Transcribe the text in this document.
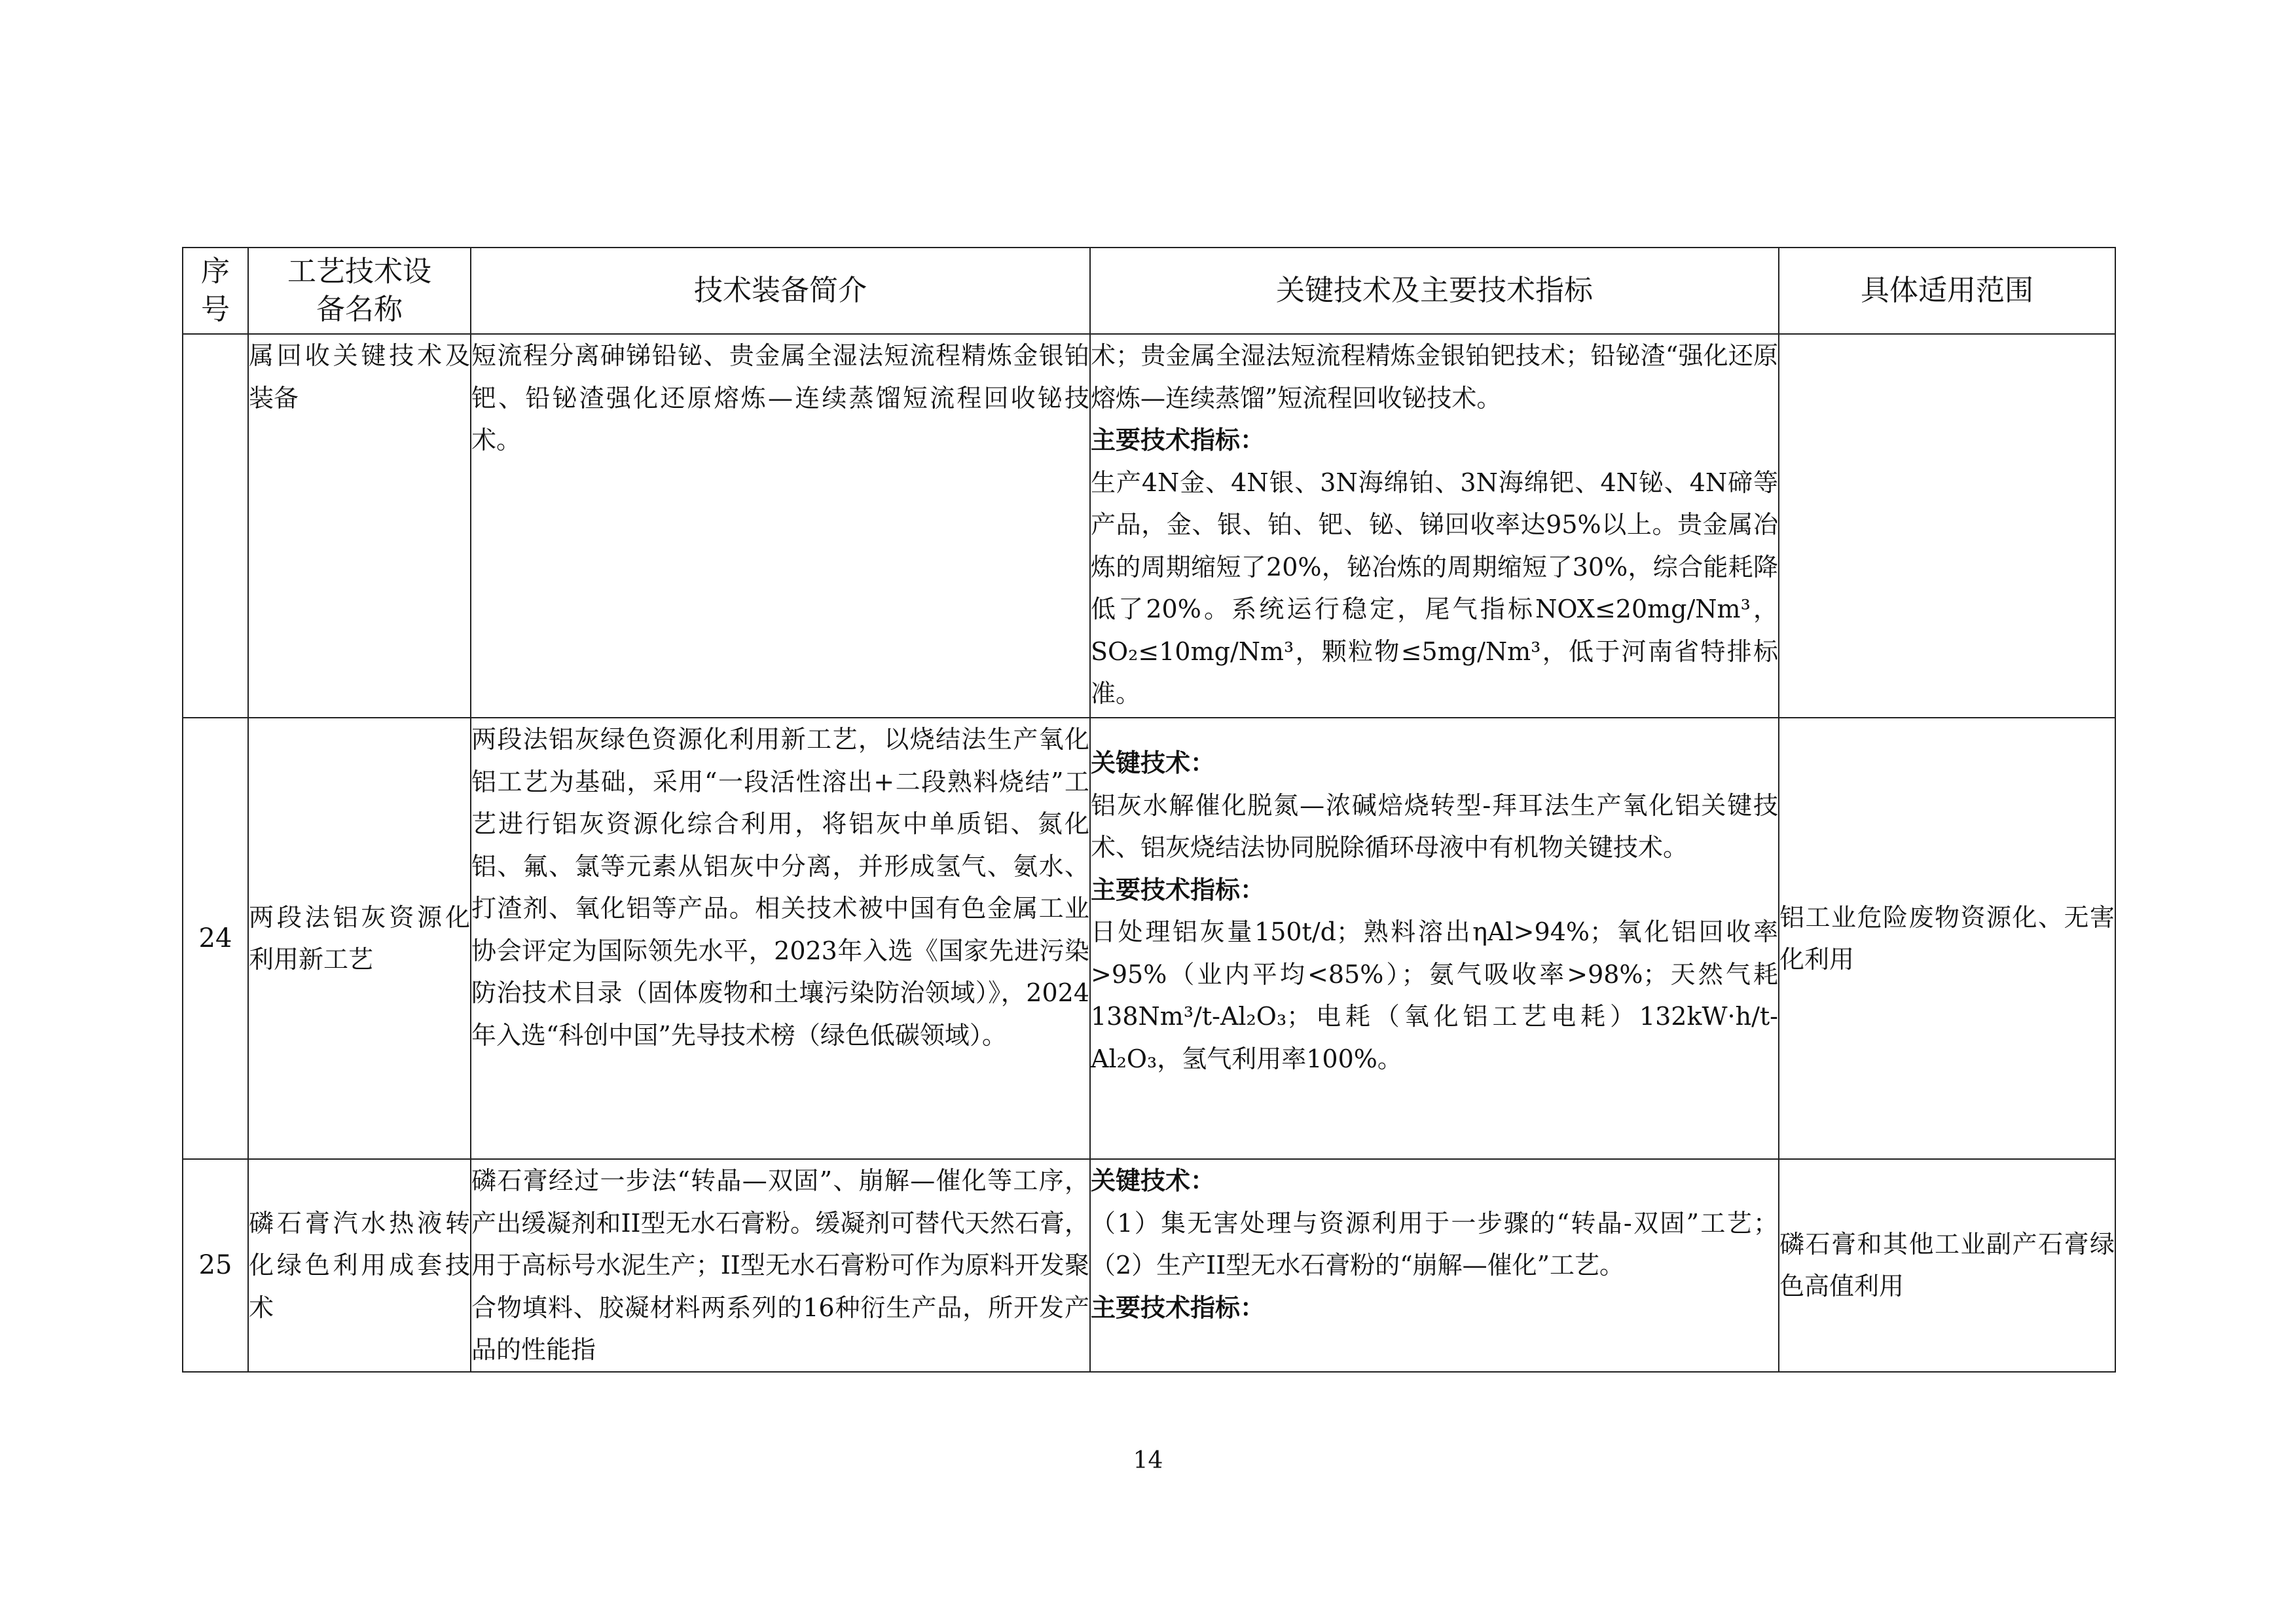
序号	工艺技术设备名称	技术装备简介	关键技术及主要技术指标	具体适用范围
	属回收关键技术及装备	短流程分离砷锑铅铋、贵金属全湿法短流程精炼金银铂钯、铅铋渣强化还原熔炼—连续蒸馏短流程回收铋技术。	术；贵金属全湿法短流程精炼金银铂钯技术；铅铋渣“强化还原熔炼—连续蒸馏”短流程回收铋技术。
主要技术指标：
生产4N金、4N银、3N海绵铂、3N海绵钯、4N铋、4N碲等产品，金、银、铂、钯、铋、锑回收率达95%以上。贵金属冶炼的周期缩短了20%，铋冶炼的周期缩短了30%，综合能耗降低了20%。系统运行稳定，尾气指标NOX≤20mg/Nm³，SO₂≤10mg/Nm³，颗粒物≤5mg/Nm³，低于河南省特排标准。	

24	两段法铝灰资源化利用新工艺	两段法铝灰绿色资源化利用新工艺，以烧结法生产氧化铝工艺为基础，采用“一段活性溶出+二段熟料烧结”工艺进行铝灰资源化综合利用，将铝灰中单质铝、氮化铝、氟、氯等元素从铝灰中分离，并形成氢气、氨水、打渣剂、氧化铝等产品。相关技术被中国有色金属工业协会评定为国际领先水平，2023年入选《国家先进污染防治技术目录（固体废物和土壤污染防治领域）》，2024年入选“科创中国”先导技术榜（绿色低碳领域）。	关键技术：
铝灰水解催化脱氮—浓碱焙烧转型-拜耳法生产氧化铝关键技术、铝灰烧结法协同脱除循环母液中有机物关键技术。
主要技术指标：
日处理铝灰量150t/d；熟料溶出ηAl>94%；氧化铝回收率>95%（业内平均<85%）；氨气吸收率>98%；天然气耗138Nm³/t-Al₂O₃；电耗（氧化铝工艺电耗）132kW·h/t-Al₂O₃，氢气利用率100%。	铝工业危险废物资源化、无害化利用
25	磷石膏汽水热液转化绿色利用成套技术	磷石膏经过一步法“转晶—双固”、崩解—催化等工序，产出缓凝剂和II型无水石膏粉。缓凝剂可替代天然石膏，用于高标号水泥生产；II型无水石膏粉可作为原料开发聚合物填料、胶凝材料两系列的16种衍生产品，所开发产品的性能指	关键技术：
（1）集无害处理与资源利用于一步骤的“转晶-双固”工艺；（2）生产II型无水石膏粉的“崩解—催化”工艺。
主要技术指标：	磷石膏和其他工业副产石膏绿色高值利用
14
